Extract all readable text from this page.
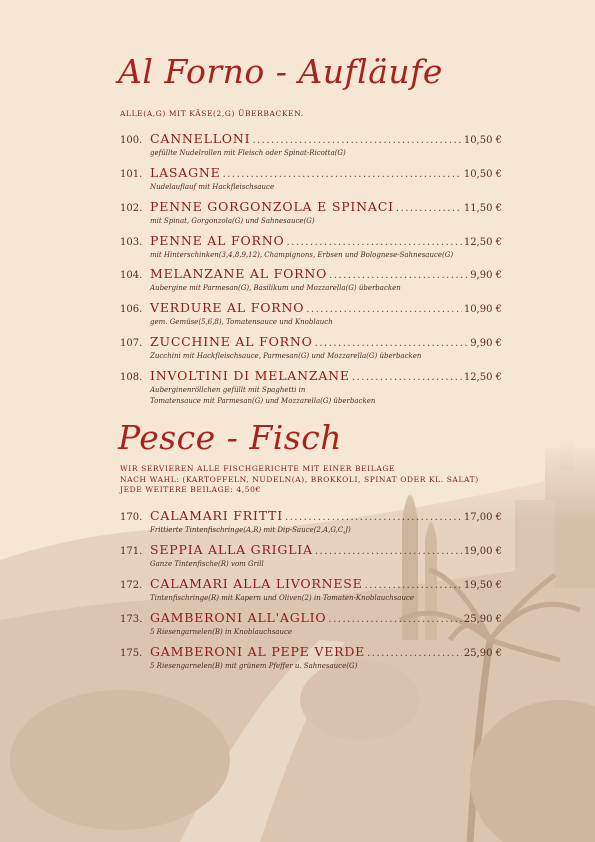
Al Forno - Aufläufe
ALLE(A,G) MIT KÄSE(2,G) ÜBERBACKEN.
100. CANNELLONI .....	10,50 €
gefüllte Nudelrollen mit Fleisch oder Spinat-Ricotta(G)
101. LASAGNE .....	10,50 €
Nudelauflauf mit Hackfleischsauce
102. PENNE GORGONZOLA E SPINACI .....	11,50 €
mit Spinat, Gorgonzola(G) und Sahnesauce(G)
103. PENNE AL FORNO .....	12,50 €
mit Hinterschinken(3,4,8,9,12), Champignons, Erbsen und Bolognese-Sahnesauce(G)
104. MELANZANE AL FORNO .....	9,90 €
Aubergine mit Parmesan(G), Basilikum und Mozzarella(G) überbacken
106. VERDURE AL FORNO .....	10,90 €
gem. Gemüse(5,6,8), Tomatensauce und Knoblauch
107. ZUCCHINE AL FORNO .....	9,90 €
Zucchini mit Hackfleischsauce, Parmesan(G) und Mozzarella(G) überbacken
108. INVOLTINI DI MELANZANE .....	12,50 €
Auberginenröllchen gefüllt mit Spaghetti in
Tomatensauce mit Parmesan(G) und Mozzarella(G) überbacken
Pesce - Fisch
WIR SERVIEREN ALLE FISCHGERICHTE MIT EINER BEILAGE
NACH WAHL: (KARTOFFELN, NUDELN(A), BROKKOLI, SPINAT ODER KL. SALAT)
JEDE WEITERE BEILAGE: 4,50€
170. CALAMARI FRITTI .....	17,00 €
Frittierte Tintenfischringe(A,R) mit Dip-Sauce(2,A,G,C,J)
171. SEPPIA ALLA GRIGLIA .....	19,00 €
Ganze Tintenfische(R) vom Grill
172. CALAMARI ALLA LIVORNESE .....	19,50 €
Tintenfischringe(R) mit Kapern und Oliven(2) in Tomaten-Knoblauchsauce
173. GAMBERONI ALL'AGLIO .....	25,90 €
5 Riesengarnelen(B) in Knoblauchsauce
175. GAMBERONI AL PEPE VERDE .....	25,90 €
5 Riesengarnelen(B) mit grünem Pfeffer u. Sahnesauce(G)
